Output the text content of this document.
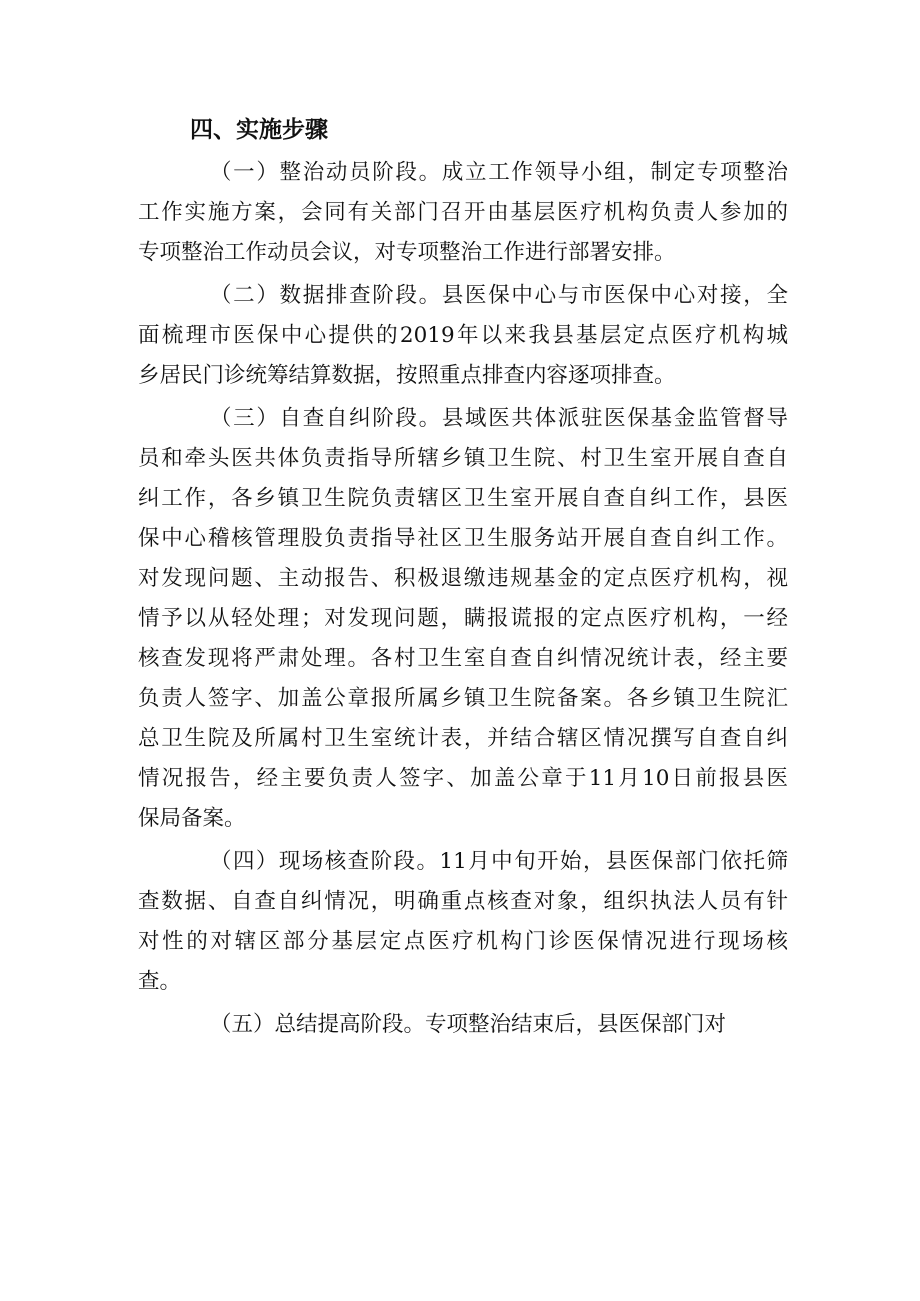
四、实施步骤
（一）整治动员阶段。成立工作领导小组，制定专项整治
工作实施方案，会同有关部门召开由基层医疗机构负责人参加的
专项整治工作动员会议，对专项整治工作进行部署安排。
（二）数据排查阶段。县医保中心与市医保中心对接，全
面梳理市医保中心提供的2019年以来我县基层定点医疗机构城
乡居民门诊统筹结算数据，按照重点排查内容逐项排查。
（三）自查自纠阶段。县域医共体派驻医保基金监管督导
员和牵头医共体负责指导所辖乡镇卫生院、村卫生室开展自查自
纠工作，各乡镇卫生院负责辖区卫生室开展自查自纠工作，县医
保中心稽核管理股负责指导社区卫生服务站开展自查自纠工作。
对发现问题、主动报告、积极退缴违规基金的定点医疗机构，视
情予以从轻处理；对发现问题，瞒报谎报的定点医疗机构，一经
核查发现将严肃处理。各村卫生室自查自纠情况统计表，经主要
负责人签字、加盖公章报所属乡镇卫生院备案。各乡镇卫生院汇
总卫生院及所属村卫生室统计表，并结合辖区情况撰写自查自纠
情况报告，经主要负责人签字、加盖公章于11月10日前报县医
保局备案。
（四）现场核查阶段。11月中旬开始，县医保部门依托筛
查数据、自查自纠情况，明确重点核查对象，组织执法人员有针
对性的对辖区部分基层定点医疗机构门诊医保情况进行现场核
查。
（五）总结提高阶段。专项整治结束后，县医保部门对
